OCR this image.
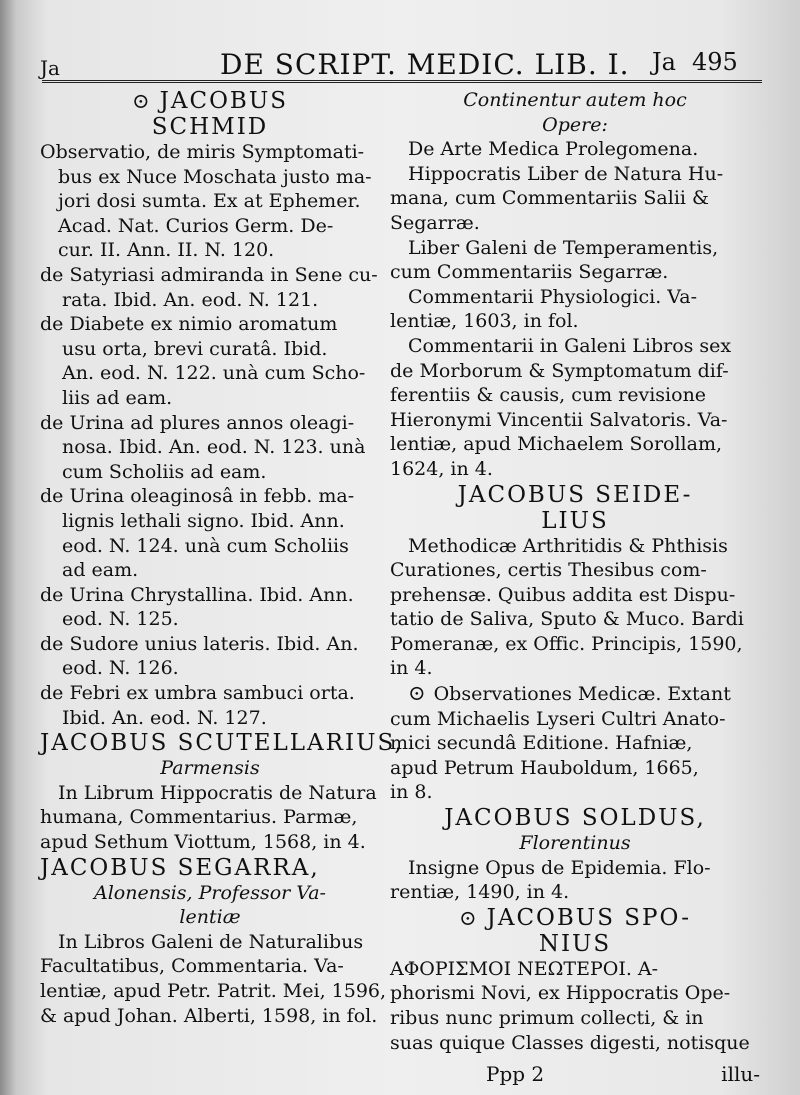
Ja	DE SCRIPT. MEDIC. LIB. I. Ja 495
⊙ JACOBUS
SCHMID
Observatio, de miris Symptomati-
bus ex Nuce Moschata justo ma-
jori dosi sumta. Ex at Ephemer.
Acad. Nat. Curios Germ. De-
cur. II. Ann. II. N. 120.
de Satyriasi admiranda in Sene cu-
rata. Ibid. An. eod. N. 121.
de Diabete ex nimio aromatum
usu orta, brevi curatâ. Ibid.
An. eod. N. 122. unà cum Scho-
liis ad eam.
de Urina ad plures annos oleagi-
nosa. Ibid. An. eod. N. 123. unà
cum Scholiis ad eam.
de Urina oleaginosâ in febb. ma-
lignis lethali signo. Ibid. Ann.
eod. N. 124. unà cum Scholiis
ad eam.
de Urina Chrystallina. Ibid. Ann.
eod. N. 125.
de Sudore unius lateris. Ibid. An.
eod. N. 126.
de Febri ex umbra sambuci orta.
Ibid. An. eod. N. 127.
JACOBUS SCUTELLARIUS,
Parmensis
In Librum Hippocratis de Natura
humana, Commentarius. Parmæ,
apud Sethum Viottum, 1568, in 4.
JACOBUS SEGARRA,
Alonensis, Professor Va-
lentiæ
In Libros Galeni de Naturalibus
Facultatibus, Commentaria. Va-
lentiæ, apud Petr. Patrit. Mei, 1596,
& apud Johan. Alberti, 1598, in fol.
Continentur autem hoc
Opere:
De Arte Medica Prolegomena.
Hippocratis Liber de Natura Hu-
mana, cum Commentariis Salii &
Segarræ.
Liber Galeni de Temperamentis,
cum Commentariis Segarræ.
Commentarii Physiologici. Va-
lentiæ, 1603, in fol.
Commentarii in Galeni Libros sex
de Morborum & Symptomatum dif-
ferentiis & causis, cum revisione
Hieronymi Vincentii Salvatoris. Va-
lentiæ, apud Michaelem Sorollam,
1624, in 4.
JACOBUS SEIDE-
LIUS
Methodicæ Arthritidis & Phthisis
Curationes, certis Thesibus com-
prehensæ. Quibus addita est Dispu-
tatio de Saliva, Sputo & Muco. Bardi
Pomeranæ, ex Offic. Principis, 1590,
in 4.
⊙ Observationes Medicæ. Extant
cum Michaelis Lyseri Cultri Anato-
mici secundâ Editione. Hafniæ,
apud Petrum Hauboldum, 1665,
in 8.
JACOBUS SOLDUS,
Florentinus
Insigne Opus de Epidemia. Flo-
rentiæ, 1490, in 4.
⊙ JACOBUS SPO-
NIUS
ΑΦΟΡΙΣΜΟΙ ΝΕΩΤΕΡΟΙ. A-
phorismi Novi, ex Hippocratis Ope-
ribus nunc primum collecti, & in
suas quique Classes digesti, notisque
Ppp 2	illu-
